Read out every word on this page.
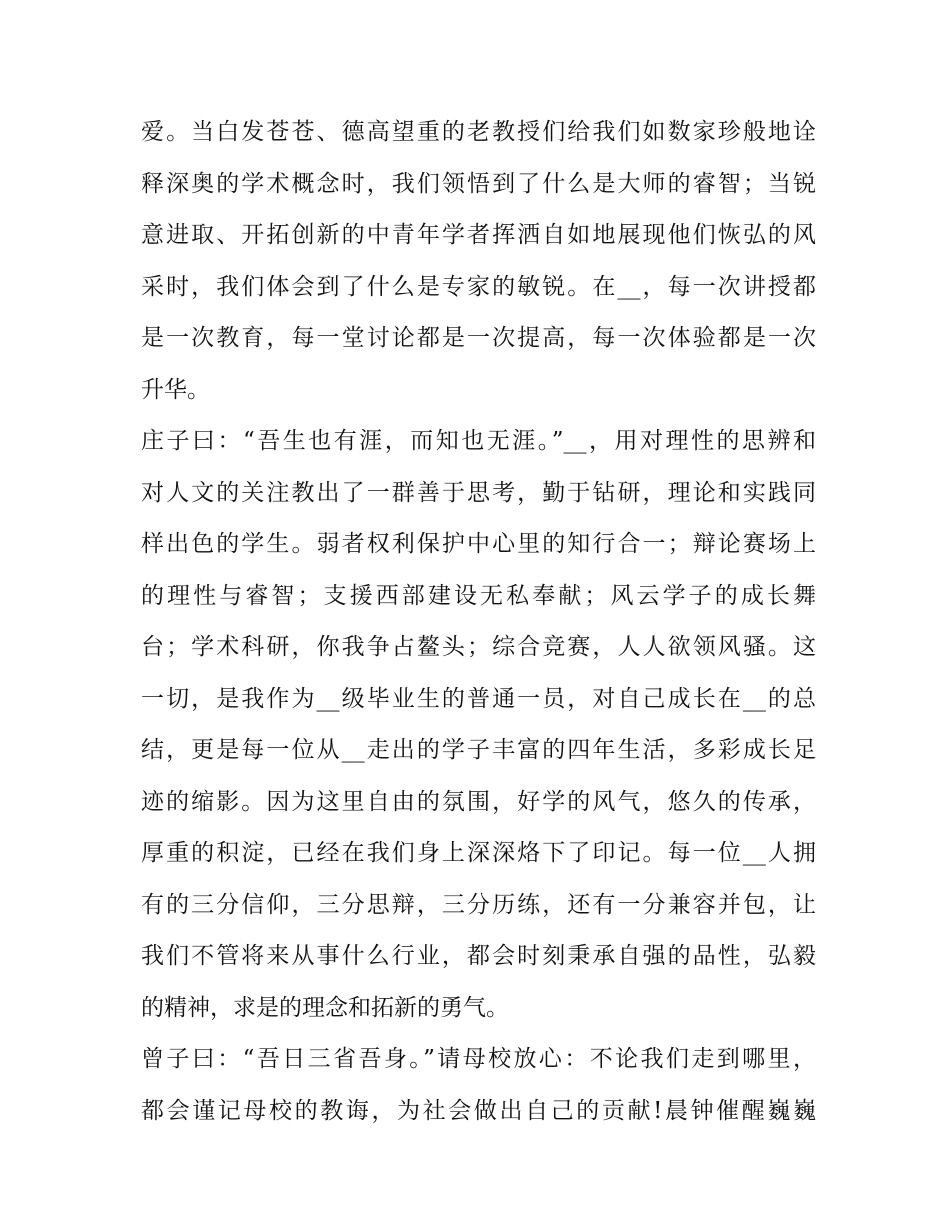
爱。当白发苍苍、德高望重的老教授们给我们如数家珍般地诠
释深奥的学术概念时，我们领悟到了什么是大师的睿智；当锐
意进取、开拓创新的中青年学者挥洒自如地展现他们恢弘的风
采时，我们体会到了什么是专家的敏锐。在__，每一次讲授都
是一次教育，每一堂讨论都是一次提高，每一次体验都是一次
升华。
庄子曰：“吾生也有涯，而知也无涯。”__，用对理性的思辨和
对人文的关注教出了一群善于思考，勤于钻研，理论和实践同
样出色的学生。弱者权利保护中心里的知行合一；辩论赛场上
的理性与睿智；支援西部建设无私奉献；风云学子的成长舞
台；学术科研，你我争占鳌头；综合竞赛，人人欲领风骚。这
一切，是我作为__级毕业生的普通一员，对自己成长在__的总
结，更是每一位从__走出的学子丰富的四年生活，多彩成长足
迹的缩影。因为这里自由的氛围，好学的风气，悠久的传承，
厚重的积淀，已经在我们身上深深烙下了印记。每一位__人拥
有的三分信仰，三分思辩，三分历练，还有一分兼容并包，让
我们不管将来从事什么行业，都会时刻秉承自强的品性，弘毅
的精神，求是的理念和拓新的勇气。
曾子曰：“吾日三省吾身。”请母校放心：不论我们走到哪里，
都会谨记母校的教诲，为社会做出自己的贡献!晨钟催醒巍巍
